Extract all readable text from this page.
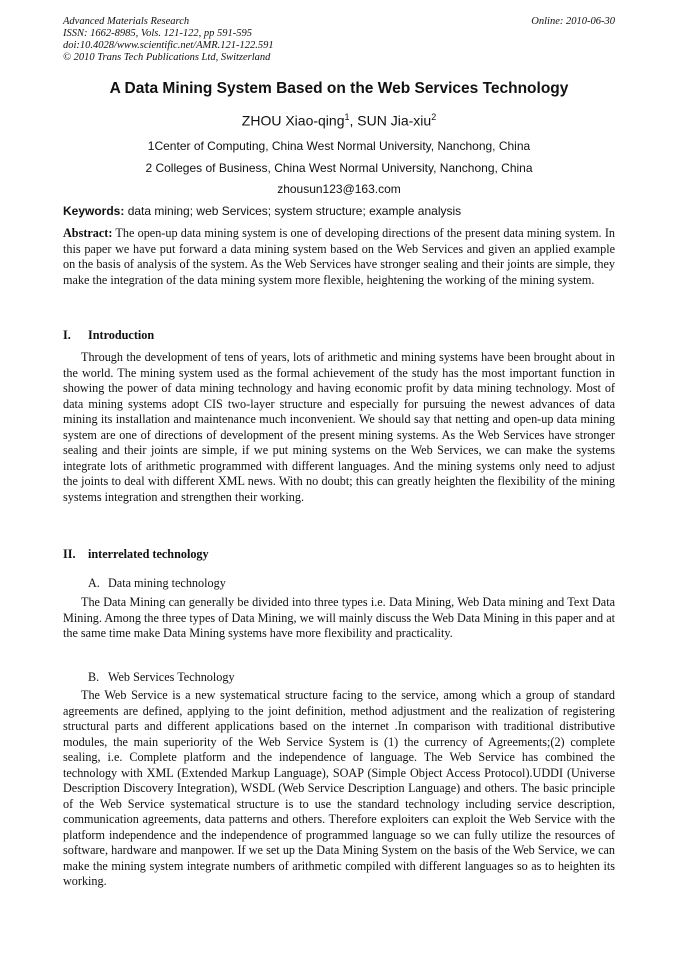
Advanced Materials Research
ISSN: 1662-8985, Vols. 121-122, pp 591-595
doi:10.4028/www.scientific.net/AMR.121-122.591
© 2010 Trans Tech Publications Ltd, Switzerland
Online: 2010-06-30
A Data Mining System Based on the Web Services Technology
ZHOU Xiao-qing$^1$, SUN Jia-xiu$^2$
1Center of Computing, China West Normal University, Nanchong, China
2 Colleges of Business, China West Normal University, Nanchong, China
zhousun123@163.com
Keywords: data mining; web Services; system structure; example analysis
Abstract: The open-up data mining system is one of developing directions of the present data mining system. In this paper we have put forward a data mining system based on the Web Services and given an applied example on the basis of analysis of the system. As the Web Services have stronger sealing and their joints are simple, they make the integration of the data mining system more flexible, heightening the working of the mining system.
I. Introduction
Through the development of tens of years, lots of arithmetic and mining systems have been brought about in the world. The mining system used as the formal achievement of the study has the most important function in showing the power of data mining technology and having economic profit by data mining technology. Most of data mining systems adopt CIS two-layer structure and especially for pursuing the newest advances of data mining its installation and maintenance much inconvenient. We should say that netting and open-up data mining system are one of directions of development of the present mining systems. As the Web Services have stronger sealing and their joints are simple, if we put mining systems on the Web Services, we can make the systems integrate lots of arithmetic programmed with different languages. And the mining systems only need to adjust the joints to deal with different XML news. With no doubt; this can greatly heighten the flexibility of the mining systems integration and strengthen their working.
II. interrelated technology
A. Data mining technology
The Data Mining can generally be divided into three types i.e. Data Mining, Web Data mining and Text Data Mining. Among the three types of Data Mining, we will mainly discuss the Web Data Mining in this paper and at the same time make Data Mining systems have more flexibility and practicality.
B. Web Services Technology
The Web Service is a new systematical structure facing to the service, among which a group of standard agreements are defined, applying to the joint definition, method adjustment and the realization of registering structural parts and different applications based on the internet .In comparison with traditional distributive modules, the main superiority of the Web Service System is (1) the currency of Agreements;(2) complete sealing, i.e. Complete platform and the independence of language. The Web Service has combined the technology with XML (Extended Markup Language), SOAP (Simple Object Access Protocol).UDDI (Universe Description Discovery Integration), WSDL (Web Service Description Language) and others. The basic principle of the Web Service systematical structure is to use the standard technology including service description, communication agreements, data patterns and others. Therefore exploiters can exploit the Web Service with the platform independence and the independence of programmed language so we can fully utilize the resources of software, hardware and manpower. If we set up the Data Mining System on the basis of the Web Service, we can make the mining system integrate numbers of arithmetic compiled with different languages so as to heighten its working.
